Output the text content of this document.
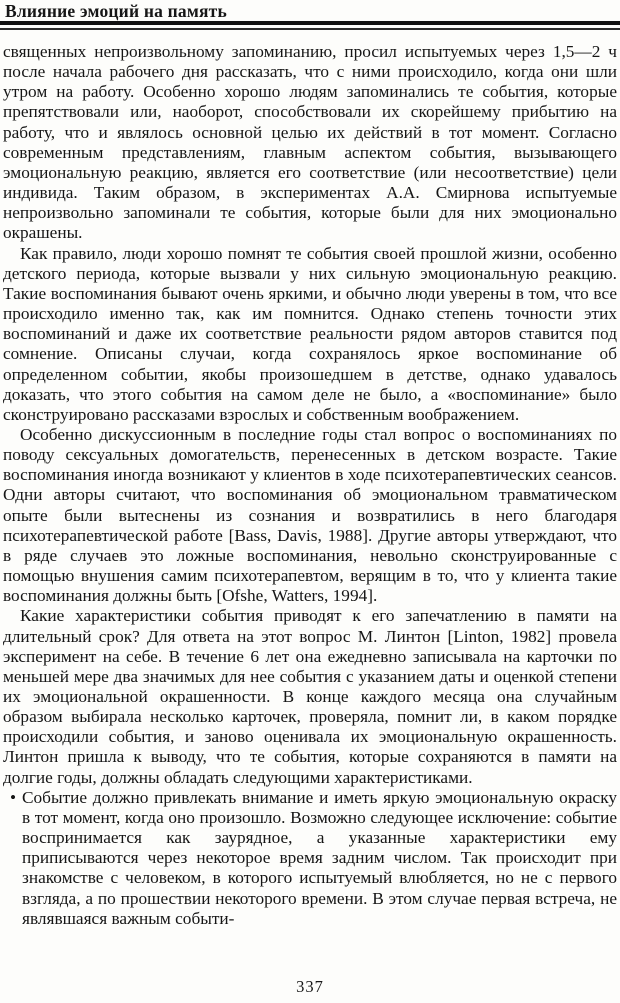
Влияние эмоций на память
священных непроизвольному запоминанию, просил испытуемых через 1,5—2 ч после начала рабочего дня рассказать, что с ними происходило, когда они шли утром на работу. Особенно хорошо людям запоминались те события, которые препятствовали или, наоборот, способствовали их скорейшему прибытию на работу, что и являлось основной целью их действий в тот момент. Согласно современным представлениям, главным аспектом события, вызывающего эмоциональную реакцию, является его соответствие (или несоответствие) цели индивида. Таким образом, в экспериментах А.А. Смирнова испытуемые непроизвольно запоминали те события, которые были для них эмоционально окрашены.
Как правило, люди хорошо помнят те события своей прошлой жизни, особенно детского периода, которые вызвали у них сильную эмоциональную реакцию. Такие воспоминания бывают очень яркими, и обычно люди уверены в том, что все происходило именно так, как им помнится. Однако степень точности этих воспоминаний и даже их соответствие реальности рядом авторов ставится под сомнение. Описаны случаи, когда сохранялось яркое воспоминание об определенном событии, якобы произошедшем в детстве, однако удавалось доказать, что этого события на самом деле не было, а «воспоминание» было сконструировано рассказами взрослых и собственным воображением.
Особенно дискуссионным в последние годы стал вопрос о воспоминаниях по поводу сексуальных домогательств, перенесенных в детском возрасте. Такие воспоминания иногда возникают у клиентов в ходе психотерапевтических сеансов. Одни авторы считают, что воспоминания об эмоциональном травматическом опыте были вытеснены из сознания и возвратились в него благодаря психотерапевтической работе [Bass, Davis, 1988]. Другие авторы утверждают, что в ряде случаев это ложные воспоминания, невольно сконструированные с помощью внушения самим психотерапевтом, верящим в то, что у клиента такие воспоминания должны быть [Ofshe, Watters, 1994].
Какие характеристики события приводят к его запечатлению в памяти на длительный срок? Для ответа на этот вопрос М. Линтон [Linton, 1982] провела эксперимент на себе. В течение 6 лет она ежедневно записывала на карточки по меньшей мере два значимых для нее события с указанием даты и оценкой степени их эмоциональной окрашенности. В конце каждого месяца она случайным образом выбирала несколько карточек, проверяла, помнит ли, в каком порядке происходили события, и заново оценивала их эмоциональную окрашенность. Линтон пришла к выводу, что те события, которые сохраняются в памяти на долгие годы, должны обладать следующими характеристиками.
• Событие должно привлекать внимание и иметь яркую эмоциональную окраску в тот момент, когда оно произошло. Возможно следующее исключение: событие воспринимается как заурядное, а указанные характеристики ему приписываются через некоторое время задним числом. Так происходит при знакомстве с человеком, в которого испытуемый влюбляется, но не с первого взгляда, а по прошествии некоторого времени. В этом случае первая встреча, не являвшаяся важным событи-
337
